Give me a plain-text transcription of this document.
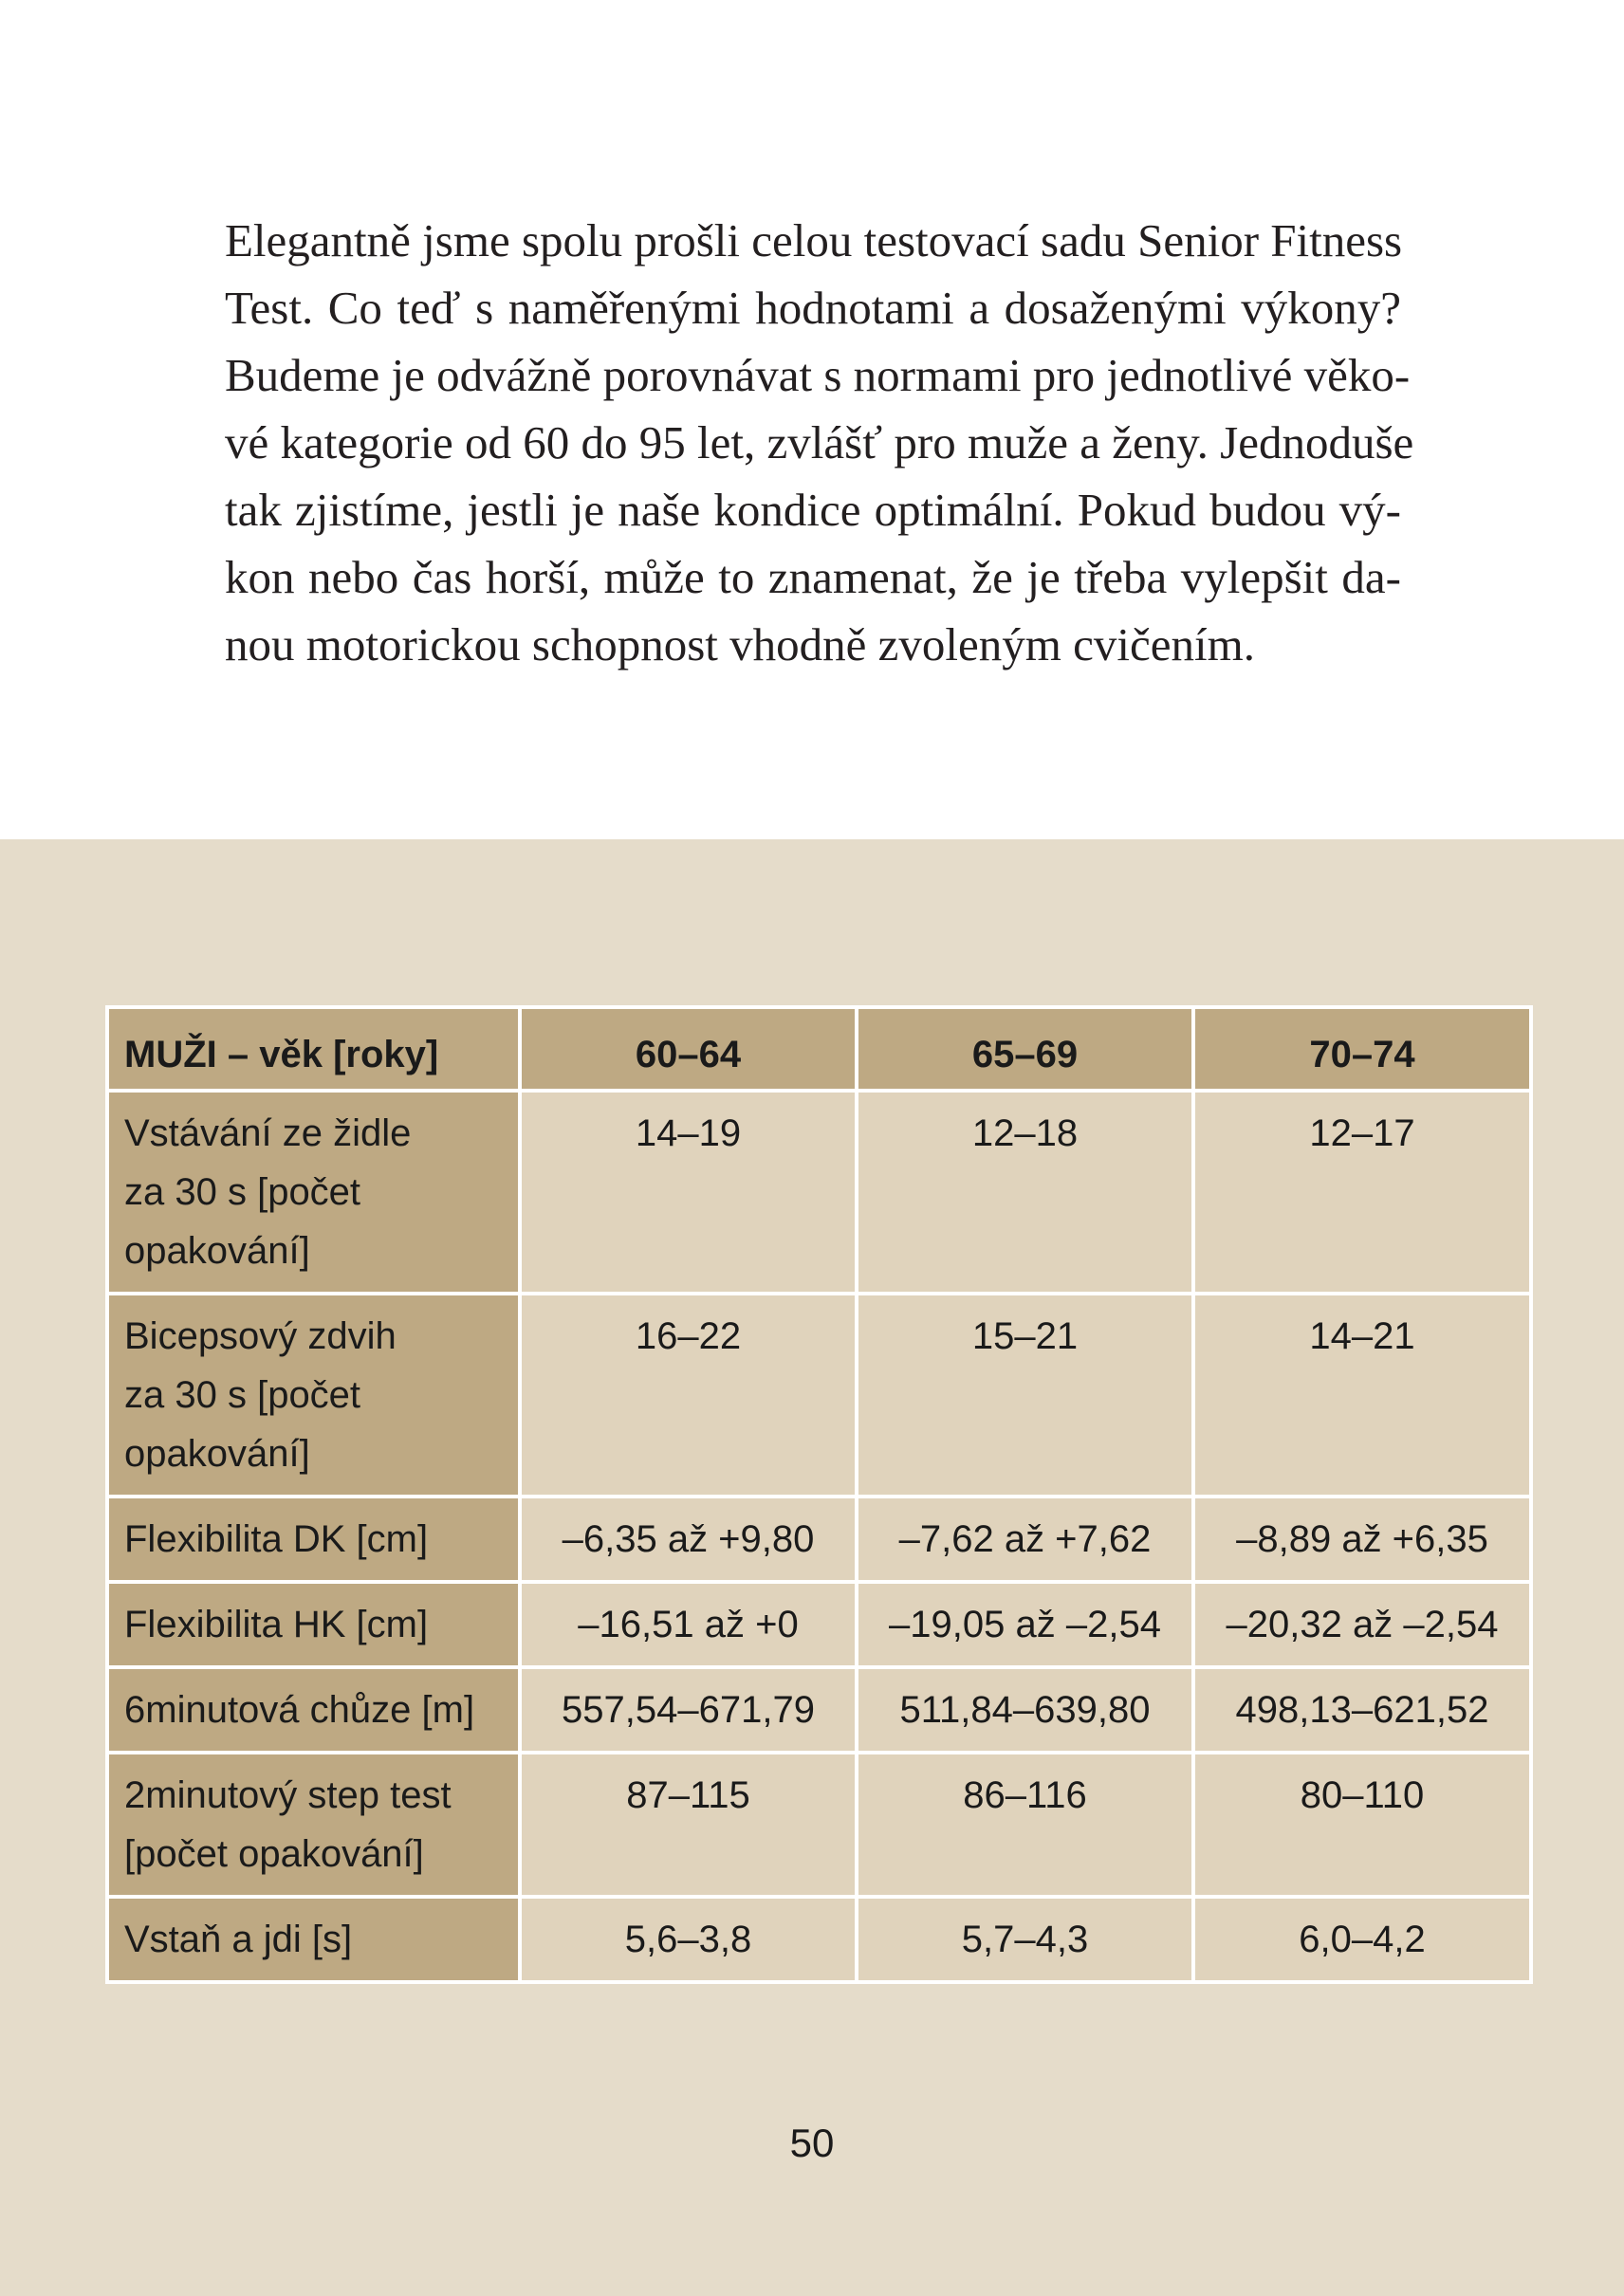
Elegantně jsme spolu prošli celou testovací sadu Senior Fitness
Test. Co teď s naměřenými hodnotami a dosaženými výkony?
Budeme je odvážně porovnávat s normami pro jednotlivé věko-
vé kategorie od 60 do 95 let, zvlášť pro muže a ženy. Jednoduše
tak zjistíme, jestli je naše kondice optimální. Pokud budou vý-
kon nebo čas horší, může to znamenat, že je třeba vylepšit da-
nou motorickou schopnost vhodně zvoleným cvičením.

MUŽI – věk [roky]	60–64	65–69	70–74
Vstávání ze židle
za 30 s [počet
opakování]	14–19	12–18	12–17
Bicepsový zdvih
za 30 s [počet
opakování]	16–22	15–21	14–21
Flexibilita DK [cm]	–6,35 až +9,80	–7,62 až +7,62	–8,89 až +6,35
Flexibilita HK [cm]	–16,51 až +0	–19,05 až –2,54	–20,32 až –2,54
6minutová chůze [m]	557,54–671,79	511,84–639,80	498,13–621,52
2minutový step test
[počet opakování]	87–115	86–116	80–110
Vstaň a jdi [s]	5,6–3,8	5,7–4,3	6,0–4,2
50
